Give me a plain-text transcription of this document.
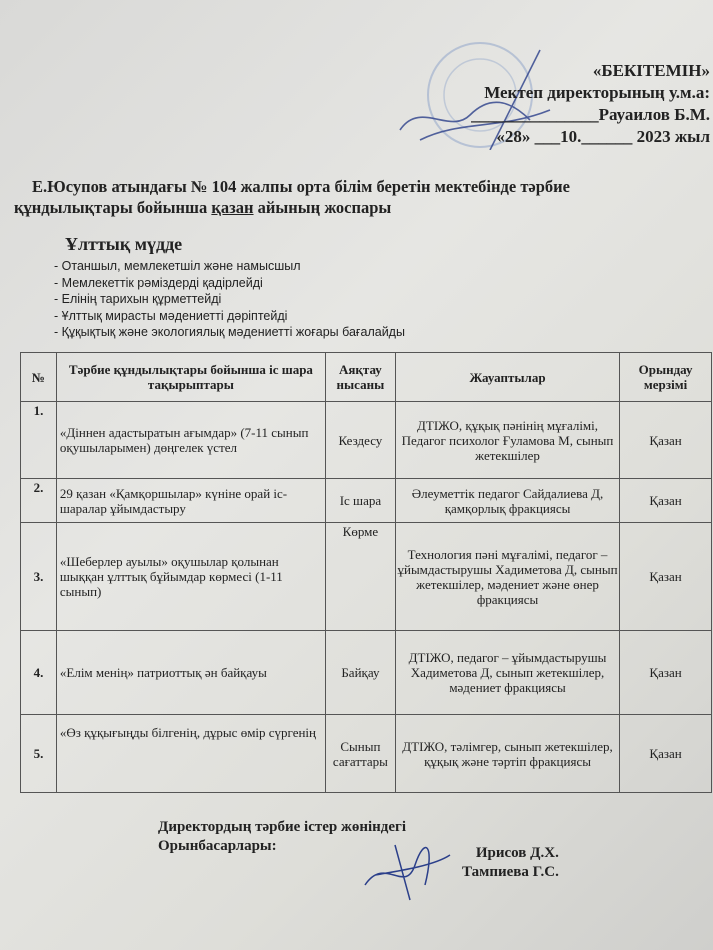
«БЕКІТЕМІН»
Мектеп директорының у.м.а:
_______________Рауаилов Б.М.
«28» ___10.______ 2023 жыл
Е.Юсупов атындағы № 104 жалпы орта білім беретін мектебінде тәрбие құндылықтары бойынша қазан айының жоспары
Ұлттық мүдде
- Отаншыл, мемлекетшіл және намысшыл
- Мемлекеттік рәміздерді қадірлейді
- Елінің тарихын құрметтейді
- Ұлттық мирасты мәдениетті дәріптейді
- Құқықтық және экологиялық мәдениетті жоғары бағалайды
№	Тәрбие құндылықтары бойынша іс шара тақырыптары	Аяқтау нысаны	Жауаптылар	Орындау мерзімі
1.	«Діннен адастыратын ағымдар» (7-11 сынып оқушыларымен) дөңгелек үстел	Кездесу	ДТІЖО, құқық пәнінің мұғалімі, Педагог психолог Ғуламова М, сынып жетекшілер	Қазан
2.	29 қазан «Қамқоршылар» күніне орай іс-шаралар ұйымдастыру	Іс шара	Әлеуметтік педагог Сайдалиева Д, қамқорлық фракциясы	Қазан
3.	«Шеберлер ауылы» оқушылар қолынан шыққан ұлттық бұйымдар көрмесі (1-11 сынып)	Көрме	Технология пәні мұғалімі, педагог –ұйымдастырушы Хадиметова Д, сынып жетекшілер, мәдениет және өнер фракциясы	Қазан
4.	«Елім менің» патриоттық ән байқауы	Байқау	ДТІЖО, педагог – ұйымдастырушы Хадиметова Д, сынып жетекшілер, мәдениет фракциясы	Қазан
5.	«Өз құқығыңды білгенің, дұрыс өмір сүргенің	Сынып сағаттары	ДТІЖО, тәлімгер, сынып жетекшілер, құқық және тәртіп фракциясы	Қазан
Директордың тәрбие істер жөніндегі
Орынбасарлары:	Ирисов Д.Х.
Тампиева Г.С.
